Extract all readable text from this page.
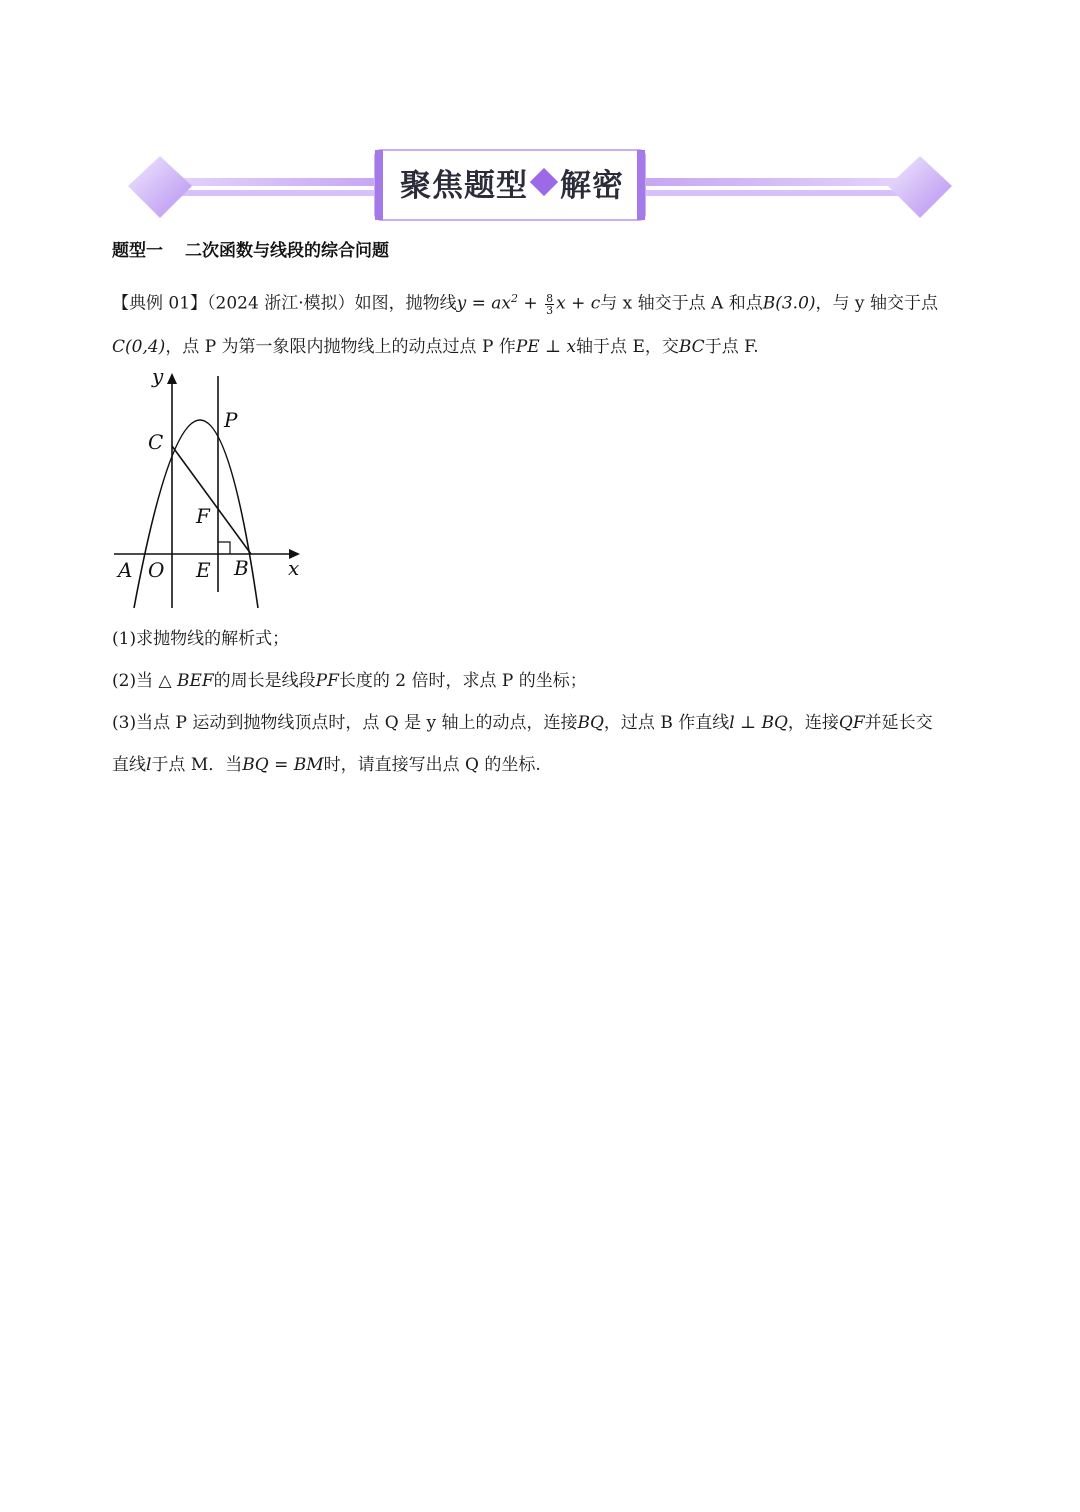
聚焦题型 解密
题型一 二次函数与线段的综合问题
【典例 01】（2024 浙江·模拟）如图，抛物线$y = ax^2 + \frac{8}{3}$ x + c与 x 轴交于点 A 和点B(3.0)，与 y 轴交于点
C(0,4)，点 P 为第一象限内抛物线上的动点过点 P 作PE ⊥ x轴于点 E，交BC于点 F.
y
x
A O E B
C
P
F
(1)求抛物线的解析式；
(2)当 △ BEF的周长是线段PF长度的 2 倍时，求点 P 的坐标；
(3)当点 P 运动到抛物线顶点时，点 Q 是 y 轴上的动点，连接BQ，过点 B 作直线l ⊥ BQ，连接QF并延长交
直线l于点 M．当BQ = BM时，请直接写出点 Q 的坐标.
